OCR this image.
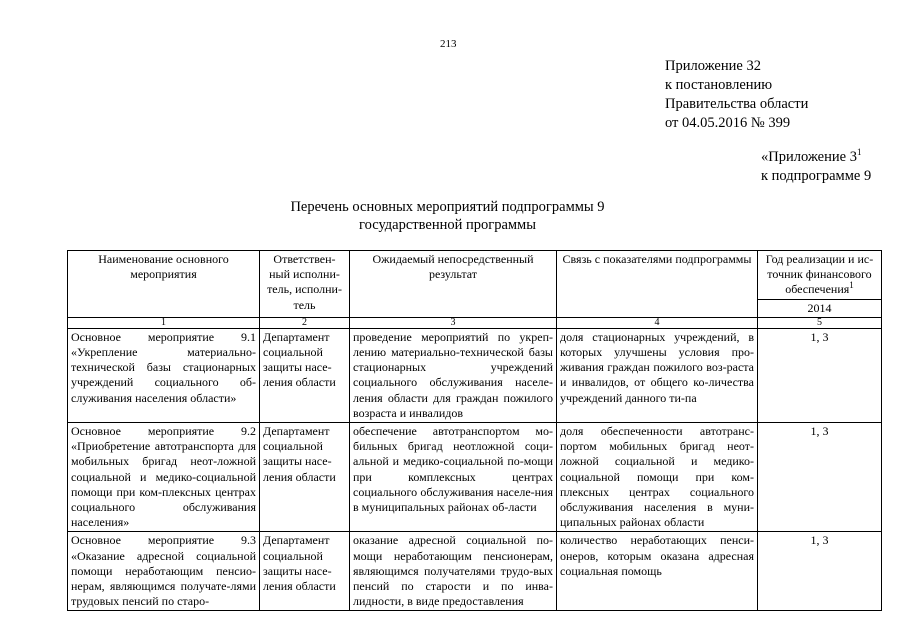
213
Приложение 32
к постановлению
Правительства области
от 04.05.2016 № 399
«Приложение $3^1$
к подпрограмме 9
Перечень основных мероприятий подпрограммы 9
государственной программы
Наименование основного мероприятия	Ответствен-ный исполни-тель, исполни-тель	Ожидаемый непосредственный результат	Связь с показателями подпрограммы	Год реализации и ис-точник финансового обеспечения$^1$
				2014
1	2	3	4	5
Основное мероприятие 9.1 «Укрепление материально-технической базы стационарных учреждений социального об-служивания населения области»	Департамент социальной защиты насе-ления области	проведение мероприятий по укреп-лению материально-технической базы стационарных учреждений социального обслуживания населе-ления области для граждан пожилого возраста и инвалидов	доля стационарных учреждений, в которых улучшены условия про-живания граждан пожилого воз-раста и инвалидов, от общего ко-личества учреждений данного ти-па	1, 3
Основное мероприятие 9.2 «Приобретение автотранспорта для мобильных бригад неот-ложной социальной и медико-социальной помощи при ком-плексных центрах социального обслуживания населения»	Департамент социальной защиты насе-ления области	обеспечение автотранспортом мо-бильных бригад неотложной соци-альной и медико-социальной по-мощи при комплексных центрах социального обслуживания населе-ния в муниципальных районах об-ласти	доля обеспеченности автотранс-портом мобильных бригад неот-ложной социальной и медико-социальной помощи при ком-плексных центрах социального обслуживания населения в муни-ципальных районах области	1, 3
Основное мероприятие 9.3 «Оказание адресной социальной помощи неработающим пенсио-нерам, являющимся получате-лями трудовых пенсий по старо-	Департамент социальной защиты насе-ления области	оказание адресной социальной по-мощи неработающим пенсионерам, являющимся получателями трудо-вых пенсий по старости и по инва-лидности, в виде предоставления	количество неработающих пенси-онеров, которым оказана адресная социальная помощь	1, 3
